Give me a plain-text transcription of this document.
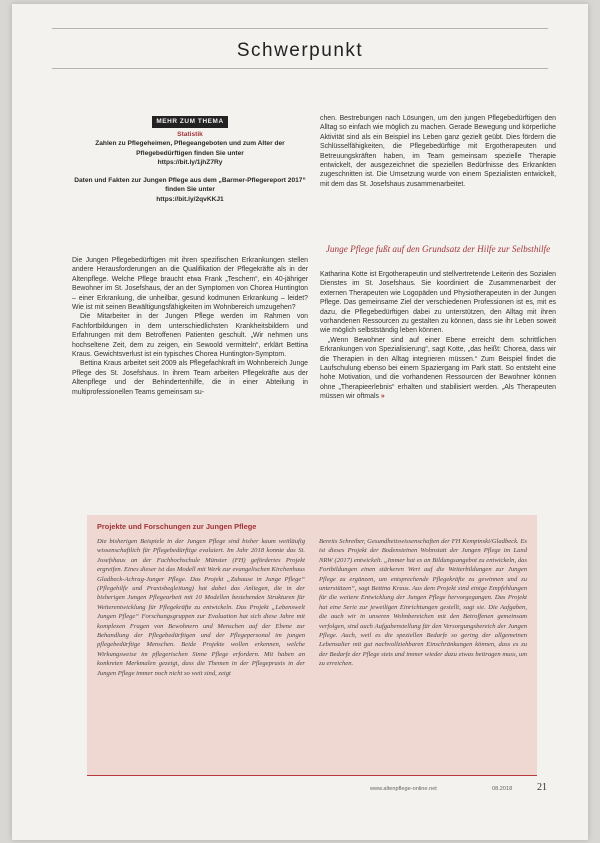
Schwerpunkt
MEHR ZUM THEMA
Statistik

Zahlen zu Pflegeheimen, Pflegeangeboten und zum Alter der Pflegebedürftigen finden Sie unter

https://bit.ly/1jhZ7Ry

Daten und Fakten zur Jungen Pflege aus dem „Barmer-Pflegereport 2017“ finden Sie unter

https://bit.ly/2qvKKJ1

Die Jungen Pflegebedürftigen mit ihren spezifischen Erkrankungen stellen andere Herausforderungen an die Qualifikation der Pflegekräfte als in der Altenpflege. Welche Pflege braucht etwa Frank „Teschem“, ein 40-jähriger Bewohner im St. Josefshaus, der an der Symptomen von Chorea Huntington – einer Erkrankung, die unheilbar, gesund kodmunen Erkrankung – leidet? Wie ist mit seinen Bewältigungsfähigkeiten im Wohnbereich umzugehen?

Die Mitarbeiter in der Jungen Pflege werden im Rahmen von Fachfortbildungen in dem unterschiedlichsten Krankheitsbildern und Erfahrungen mit dem Betroffenen Patienten geschult. „Wir nehmen uns hochseltene Zeit, dem zu zeigen, ein Sewoold vermitteln“, erklärt Bettina Kraus. Gewichtsverlust ist ein typisches Chorea Huntington-Symptom.

Bettina Kraus arbeitet seit 2009 als Pflegefachkraft im Wohnbereich Junge Pflege des St. Josefshaus. In ihrem Team arbeiten Pflegekräfte aus der Altenpflege und der Behindertenhilfe, die in einer Abteilung in multiprofessionellen Teams gemeinsam su-

chen. Bestrebungen nach Lösungen, um den jungen Pflegebedürftigen den Alltag so einfach wie möglich zu machen. Gerade Bewegung und körperliche Aktivität sind als ein Beispiel ins Leben ganz gezielt geübt. Dies fördern die Schlüsselfähigkeiten, die Pflegebedürftige mit Ergotherapeuten und Betreuungskräften haben, im Team gemeinsam spezielle Therapie entwickelt, der ausgezeichnet die speziellen Bedürfnisse des Erkrankten zugeschnitten ist. Die Umsetzung wurde von einem Spezialisten entwickelt, mit dem das St. Josefshaus zusammenarbeitet.

Junge Pflege fußt auf den Grundsatz der Hilfe zur Selbsthilfe

Katharina Kotte ist Ergotherapeutin und stellvertretende Leiterin des Sozialen Dienstes im St. Josefshaus. Sie koordiniert die Zusammenarbeit der externen Therapeuten wie Logopäden und Physiotherapeuten in der Jungen Pflege. Das gemeinsame Ziel der verschiedenen Professionen ist es, mit es dazu, die Pflegebedürftigen dabei zu unterstützen, den Alltag mit ihren vorhandenen Ressourcen zu gestalten zu können, dass sie ihr Leben soweit wie möglich selbstständig leben können.

„Wenn Bewohner sind auf einer Ebene erreicht dem schrittlichen Erkrankungen von Spezialisierung“, sagt Kotte, „das heißt: Chorea, dass wir die Therapien in den Alltag integrieren müssen.“ Zum Beispiel findet die Laufschulung ebenso bei einem Spaziergang im Park statt. So entsteht eine hohe Motivation, und die vorhandenen Ressourcen der Bewohner können ohne „Therapieerlebnis“ erhalten und stabilisiert werden. „Als Therapeuten müssen wir oftmals »

Projekte und Forschungen zur Jungen Pflege

Die bisherigen Beispiele in der Jungen Pflege sind bisher kaum weitläufig wissenschaftlich für Pflegebedürftige evaluiert. Im Jahr 2018 konnte das St. Josefshaus an der Fachhochschule Münster (FH) gefördertes Projekt ergreifen. Eines dieser ist das Modell mit Werk zur evangelischen Kirchenhaus Gladbeck-Achrag-Junger Pflege. Das Projekt „Zuhause in Junge Pflege“ (Pflegehilfe und Praxisbegleitung) hat dabei das Anliegen, die in der bisherigen Jungen Pflegearbeit mit 10 Modellen bestehenden Strukturen für Weiterentwicklung für Pflegekräfte zu entwickeln. Das Projekt „Lebenswelt Jungen Pflege“ Forschungsgruppen zur Evaluation hat sich diese Jahre mit komplexen Fragen von Bewohnern und Menschen auf der Ebene zur Behandlung der Pflegebedürftigen und der Pflegepersonal im jungen pflegebedürftige Menschen. Beide Projekte wollen erkennen, welche Wirkungsweise im pflegerischen Sinne Pflege erfordern. Mit haben an konkreten Merkmalen gezeigt, dass die Themen in der Pflegepraxis in der Jungen Pflege immer noch nicht so weit sind, zeigt

Bereits Schreiber, Gesundheitswissenschaften der FH Kempinski/Gladbeck. Es ist dieses Projekt der Bodensteinen Wohnstatt der Jungen Pflege im Land NRW (2017) entwickelt. „Immer hat es an Bildungsangebot zu entwickeln, das Fortbildungen einen stärkeren Wert auf die Weiterbildungen zur Jungen Pflege zu ergänzen, um entsprechende Pflegekräfte zu gewinnen und zu unterstützen“, sagt Bettina Kraus. Aus dem Projekt sind einige Empfehlungen für die weitere Entwicklung der Jungen Pflege hervorgegangen. Das Projekt hat eine Serie zur jeweiligen Einrichtungen gestellt, sagt sie. Die Aufgaben, die auch wir in unseren Wohnbereichen mit den Betroffenen gemeinsam verfolgen, sind auch Aufgabenstellung für den Versorgungsbereich der Jungen Pflege. Auch, weil es die speziellen Bedarfe so gering der allgemeinen Lebensalter mit gut nachvollziehbaren Einschränkungen können, dass es zu der Bedarfe der Pflege stets und immer wieder dazu etwas beitragen muss, um zu erreichen.

www.altenpflege-online.net	08.2018 21
